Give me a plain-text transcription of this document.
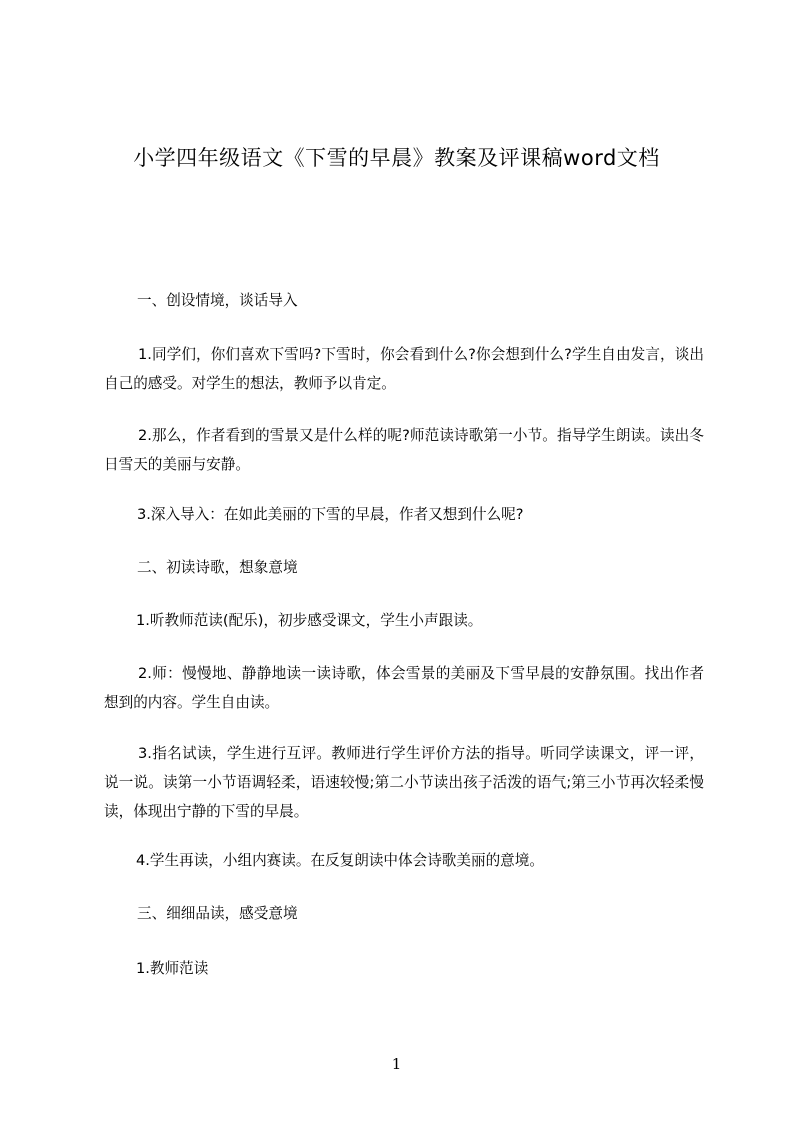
小学四年级语文《下雪的早晨》教案及评课稿word文档
一、创设情境，谈话导入
1.同学们，你们喜欢下雪吗?下雪时，你会看到什么?你会想到什么?学生自由发言，谈出自己的感受。对学生的想法，教师予以肯定。
2.那么，作者看到的雪景又是什么样的呢?师范读诗歌第一小节。指导学生朗读。读出冬日雪天的美丽与安静。
3.深入导入：在如此美丽的下雪的早晨，作者又想到什么呢?
二、初读诗歌，想象意境
1.听教师范读(配乐)，初步感受课文，学生小声跟读。
2.师：慢慢地、静静地读一读诗歌，体会雪景的美丽及下雪早晨的安静氛围。找出作者想到的内容。学生自由读。
3.指名试读，学生进行互评。教师进行学生评价方法的指导。听同学读课文，评一评，说一说。读第一小节语调轻柔，语速较慢;第二小节读出孩子活泼的语气;第三小节再次轻柔慢读，体现出宁静的下雪的早晨。
4.学生再读，小组内赛读。在反复朗读中体会诗歌美丽的意境。
三、细细品读，感受意境
1.教师范读
1
